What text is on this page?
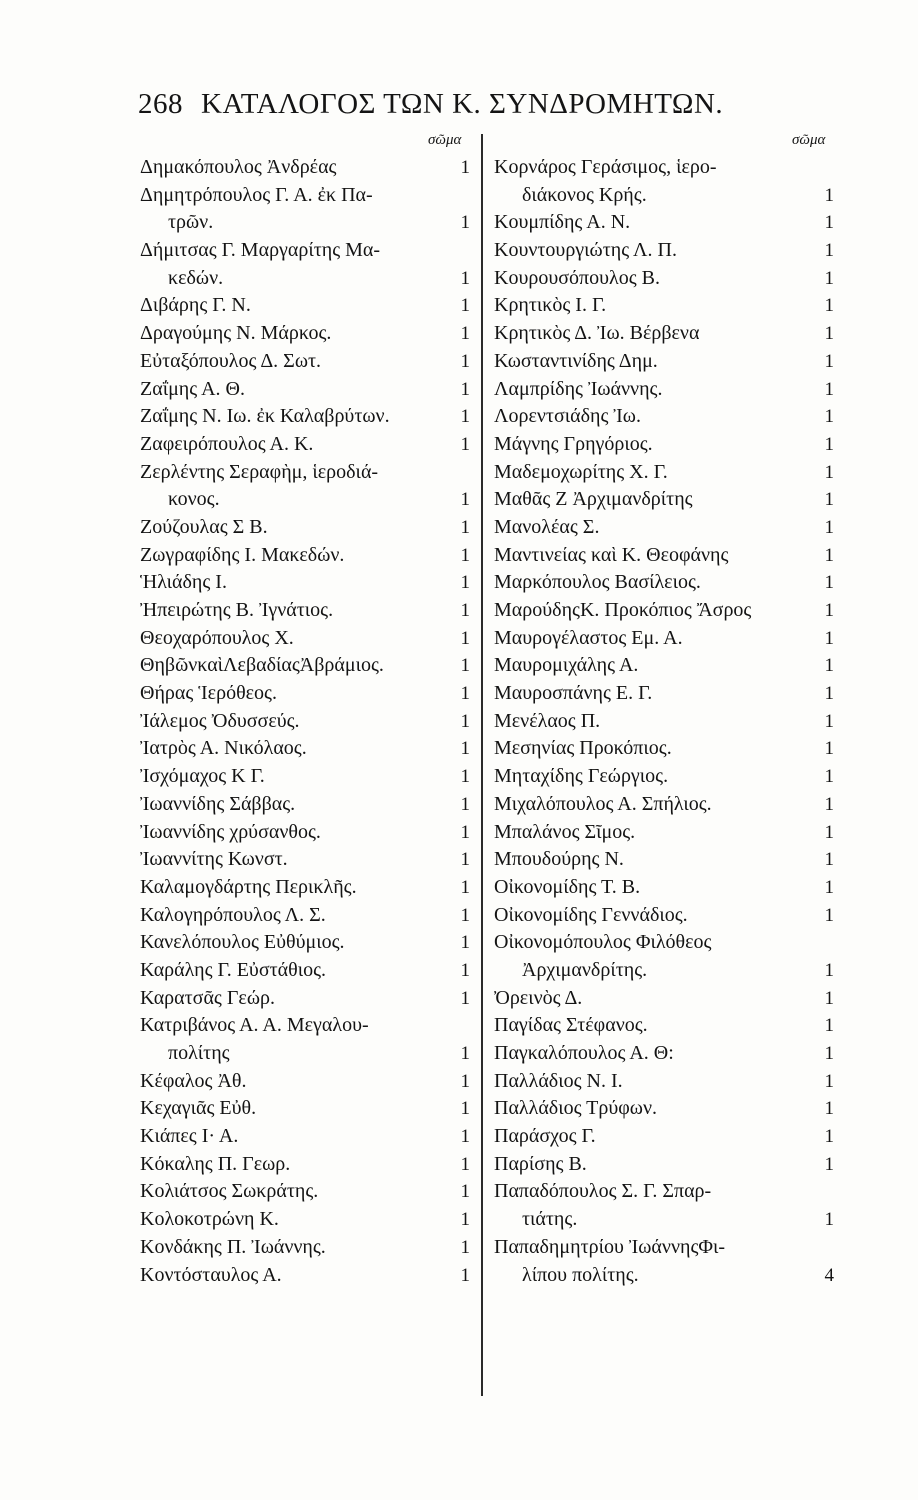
268 ΚΑΤΑΛΟΓΟΣ ΤΩΝ Κ. ΣΥΝΔΡΟΜΗΤΩΝ.
σῶμα	σῶμα
Δημακόπουλος Ἀνδρέας	1
Δημητρόπουλος Γ. Α. ἐκ Πα-
τρῶν.	1
Δήμιτσας Γ. Μαργαρίτης Μα-
κεδών.	1
Διβάρης Γ. Ν.	1
Δραγούμης Ν. Μάρκος.	1
Εὐταξόπουλος Δ. Σωτ.	1
Ζαΐμης Α. Θ.	1
Ζαΐμης Ν. Ιω. ἐκ Καλαβρύτων.	1
Ζαφειρόπουλος Α. Κ.	1
Ζερλέντης Σεραφὴμ, ἱεροδιά-
κονος.	1
Ζούζουλας Σ Β.	1
Ζωγραφίδης Ι. Μακεδών.	1
Ἡλιάδης Ι.	1
Ἠπειρώτης Β. Ἰγνάτιος.	1
Θεοχαρόπουλος Χ.	1
ΘηβῶνκαὶΛεβαδίαςἈβράμιος.	1
Θήρας Ἱερόθεος.	1
Ἰάλεμος Ὀδυσσεύς.	1
Ἰατρὸς Α. Νικόλαος.	1
Ἰσχόμαχος Κ Γ.	1
Ἰωαννίδης Σάββας.	1
Ἰωαννίδης χρύσανθος.	1
Ἰωαννίτης Κωνστ.	1
Καλαμογδάρτης Περικλῆς.	1
Καλογηρόπουλος Λ. Σ.	1
Κανελόπουλος Εὐθύμιος.	1
Καράλης Γ. Εὐστάθιος.	1
Καρατσᾶς Γεώρ.	1
Κατριβάνος Α. Α. Μεγαλου-
πολίτης	1
Κέφαλος Ἀθ.	1
Κεχαγιᾶς Εὐθ.	1
Κιάπες Ι· Α.	1
Κόκαλης Π. Γεωρ.	1
Κολιάτσος Σωκράτης.	1
Κολοκοτρώνη Κ.	1
Κονδάκης Π. Ἰωάννης.	1
Κοντόσταυλος Α.	1
Κορνάρος Γεράσιμος, ἱερο-
διάκονος Κρής.	1
Κουμπίδης Α. Ν.	1
Κουντουργιώτης Λ. Π.	1
Κουρουσόπουλος Β.	1
Κρητικὸς Ι. Γ.	1
Κρητικὸς Δ. Ἰω. Βέρβενα	1
Κωσταντινίδης Δημ.	1
Λαμπρίδης Ἰωάννης.	1
Λορεντσιάδης Ἰω.	1
Μάγνης Γρηγόριος.	1
Μαδεμοχωρίτης Χ. Γ.	1
Μαθᾶς Ζ Ἀρχιμανδρίτης	1
Μανολέας Σ.	1
Μαντινείας καὶ Κ. Θεοφάνης	1
Μαρκόπουλος Βασίλειος.	1
ΜαρούδηςΚ. Προκόπιος Ἄσρος	1
Μαυρογέλαστος Εμ. Α.	1
Μαυρομιχάλης Α.	1
Μαυροσπάνης Ε. Γ.	1
Μενέλαος Π.	1
Μεσηνίας Προκόπιος.	1
Μηταχίδης Γεώργιος.	1
Μιχαλόπουλος Α. Σπήλιος.	1
Μπαλάνος Σῖμος.	1
Μπουδούρης Ν.	1
Οἰκονομίδης Τ. Β.	1
Οἰκονομίδης Γεννάδιος.	1
Οἰκονομόπουλος Φιλόθεος
Ἀρχιμανδρίτης.	1
Ὀρεινὸς Δ.	1
Παγίδας Στέφανος.	1
Παγκαλόπουλος Α. Θ:	1
Παλλάδιος Ν. Ι.	1
Παλλάδιος Τρύφων.	1
Παράσχος Γ.	1
Παρίσης Β.	1
Παπαδόπουλος Σ. Γ. Σπαρ-
τιάτης.	1
Παπαδημητρίου ἸωάννηςΦι-
λίπου πολίτης.	4
